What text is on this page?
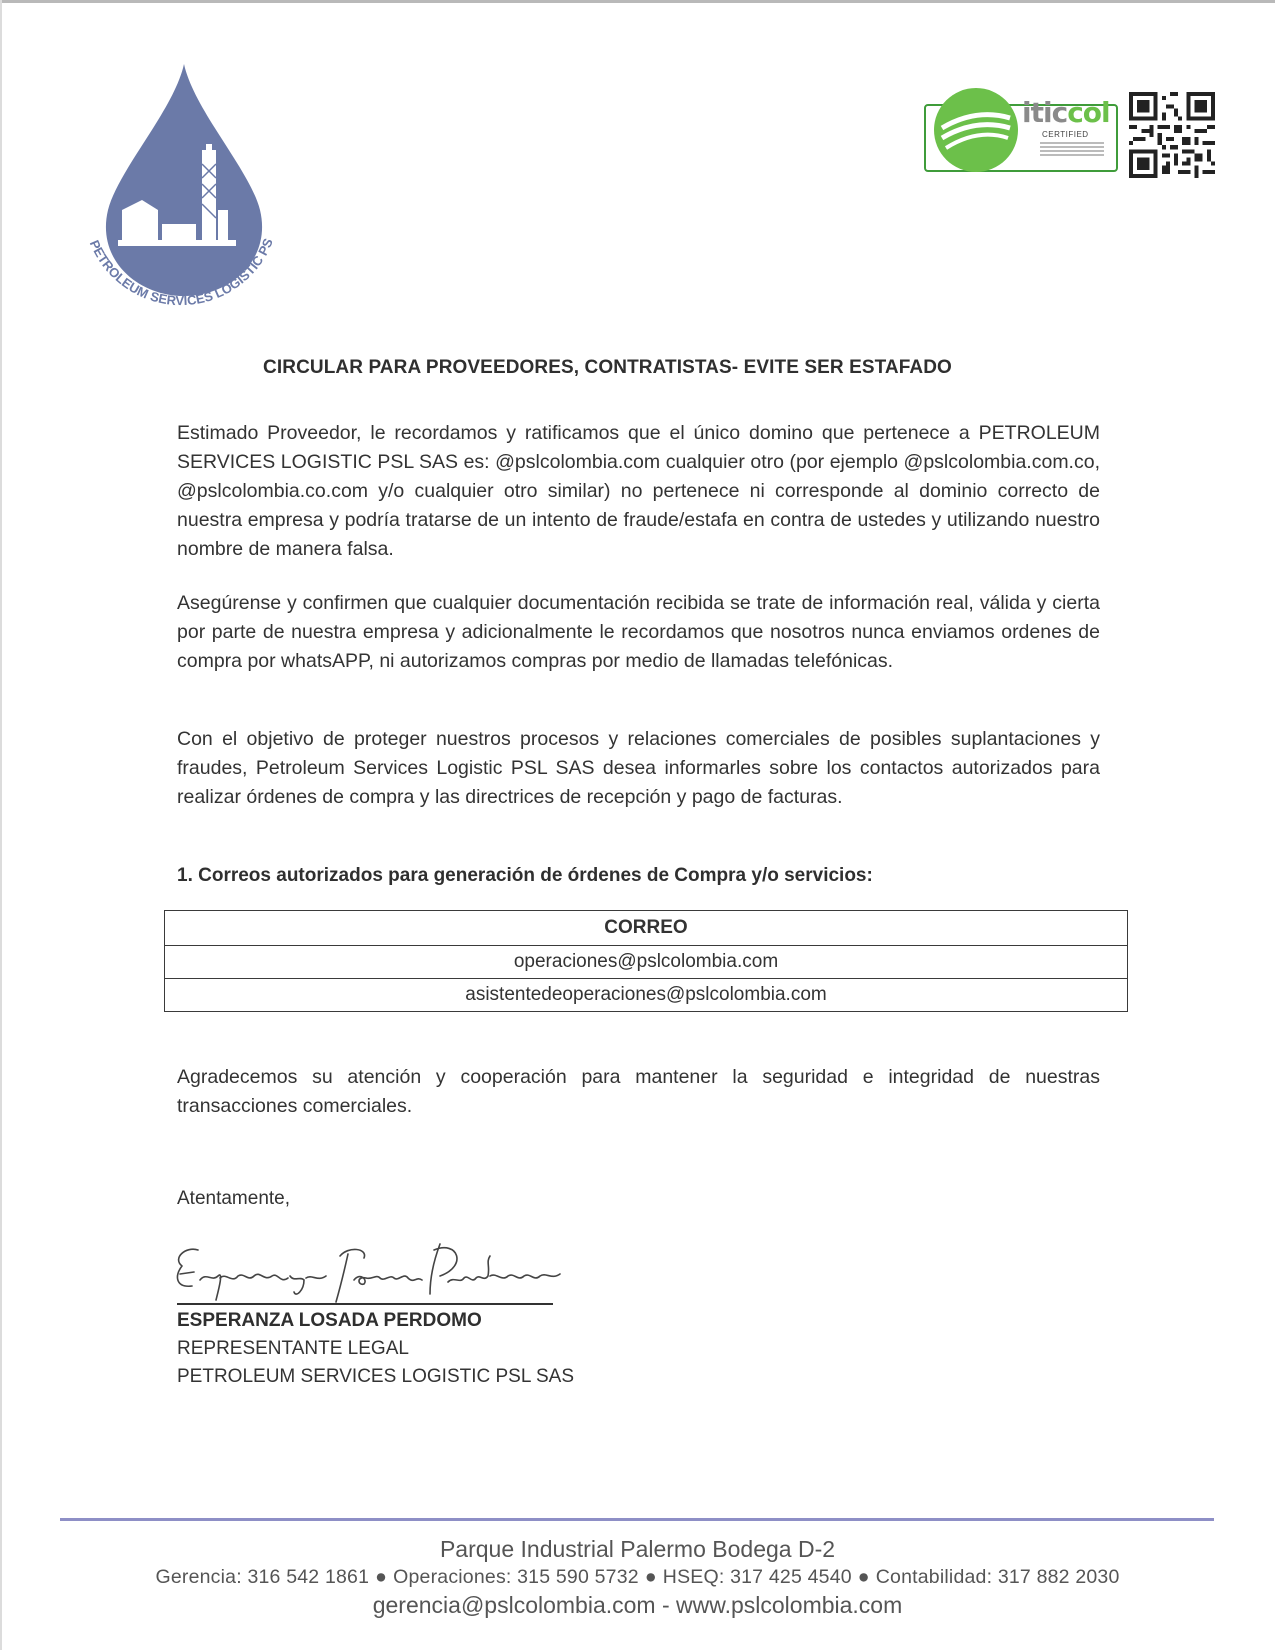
PETROLEUM SERVICES LOGISTIC PS
iticcol
CERTIFIED
CIRCULAR PARA PROVEEDORES, CONTRATISTAS- EVITE SER ESTAFADO

Estimado Proveedor, le recordamos y ratificamos que el único domino que pertenece a PETROLEUM SERVICES LOGISTIC PSL SAS es: @pslcolombia.com cualquier otro (por ejemplo @pslcolombia.com.co, @pslcolombia.co.com y/o cualquier otro similar) no pertenece ni corresponde al dominio correcto de nuestra empresa y podría tratarse de un intento de fraude/estafa en contra de ustedes y utilizando nuestro nombre de manera falsa.

Asegúrense y confirmen que cualquier documentación recibida se trate de información real, válida y cierta por parte de nuestra empresa y adicionalmente le recordamos que nosotros nunca enviamos ordenes de compra por whatsAPP, ni autorizamos compras por medio de llamadas telefónicas.

Con el objetivo de proteger nuestros procesos y relaciones comerciales de posibles suplantaciones y fraudes, Petroleum Services Logistic PSL SAS desea informarles sobre los contactos autorizados para realizar órdenes de compra y las directrices de recepción y pago de facturas.

1. Correos autorizados para generación de órdenes de Compra y/o servicios:
CORREO
operaciones@pslcolombia.com
asistentedeoperaciones@pslcolombia.com

Agradecemos su atención y cooperación para mantener la seguridad e integridad de nuestras transacciones comerciales.

Atentamente,
ESPERANZA LOSADA PERDOMO
REPRESENTANTE LEGAL
PETROLEUM SERVICES LOGISTIC PSL SAS
Parque Industrial Palermo Bodega D-2
Gerencia: 316 542 1861 ● Operaciones: 315 590 5732 ● HSEQ: 317 425 4540 ● Contabilidad: 317 882 2030
gerencia@pslcolombia.com - www.pslcolombia.com
